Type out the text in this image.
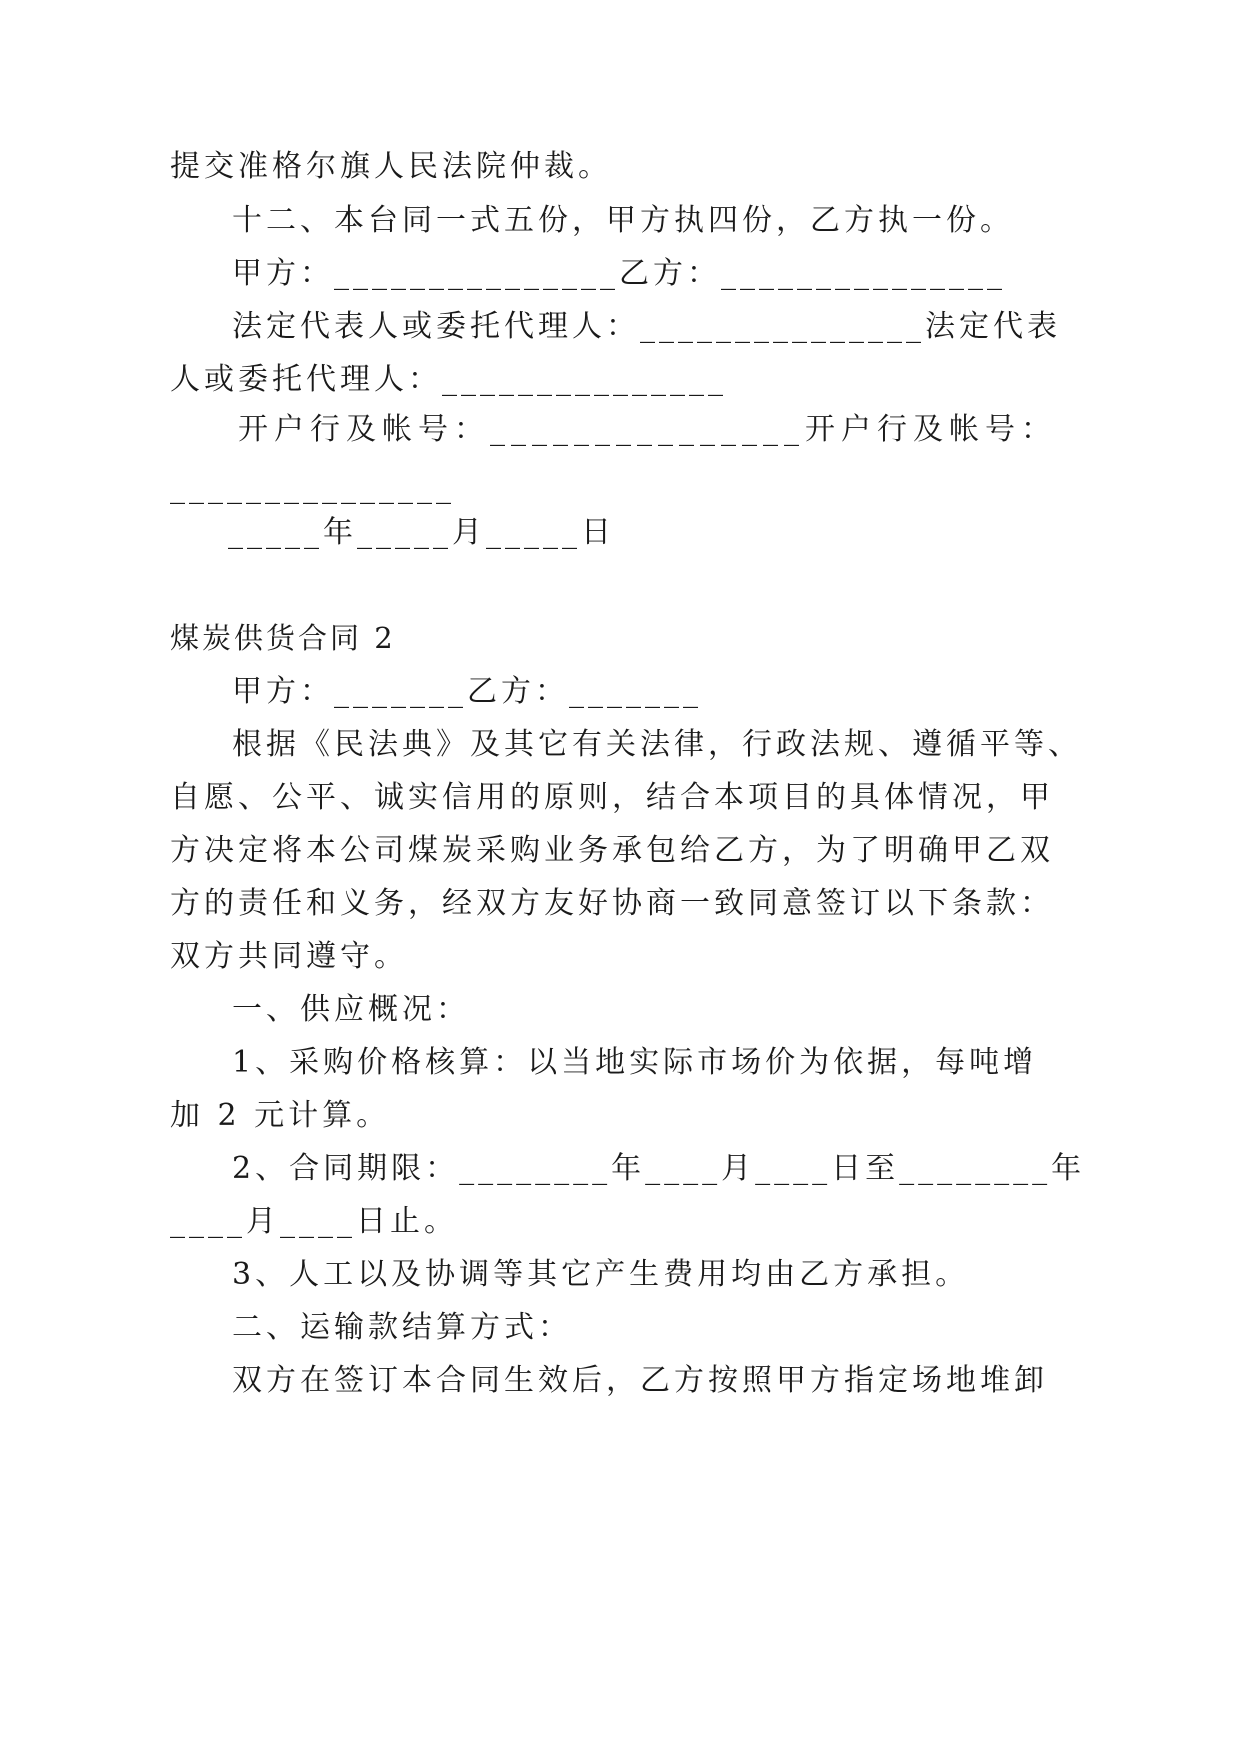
提交准格尔旗人民法院仲裁。
十二、本台同一式五份，甲方执四份，乙方执一份。
甲方：_______________乙方：_______________
法定代表人或委托代理人：_______________法定代表
人或委托代理人：_______________
开户行及帐号：_______________开户行及帐号：
_______________
_____年_____月_____日
煤炭供货合同 2
甲方：_______乙方：_______
根据《民法典》及其它有关法律，行政法规、遵循平等、
自愿、公平、诚实信用的原则，结合本项目的具体情况，甲
方决定将本公司煤炭采购业务承包给乙方，为了明确甲乙双
方的责任和义务，经双方友好协商一致同意签订以下条款：
双方共同遵守。
一、供应概况：
1、采购价格核算：以当地实际市场价为依据，每吨增
加 2 元计算。
2、合同期限：________年____月____日至________年
____月____日止。
3、人工以及协调等其它产生费用均由乙方承担。
二、运输款结算方式：
双方在签订本合同生效后，乙方按照甲方指定场地堆卸
